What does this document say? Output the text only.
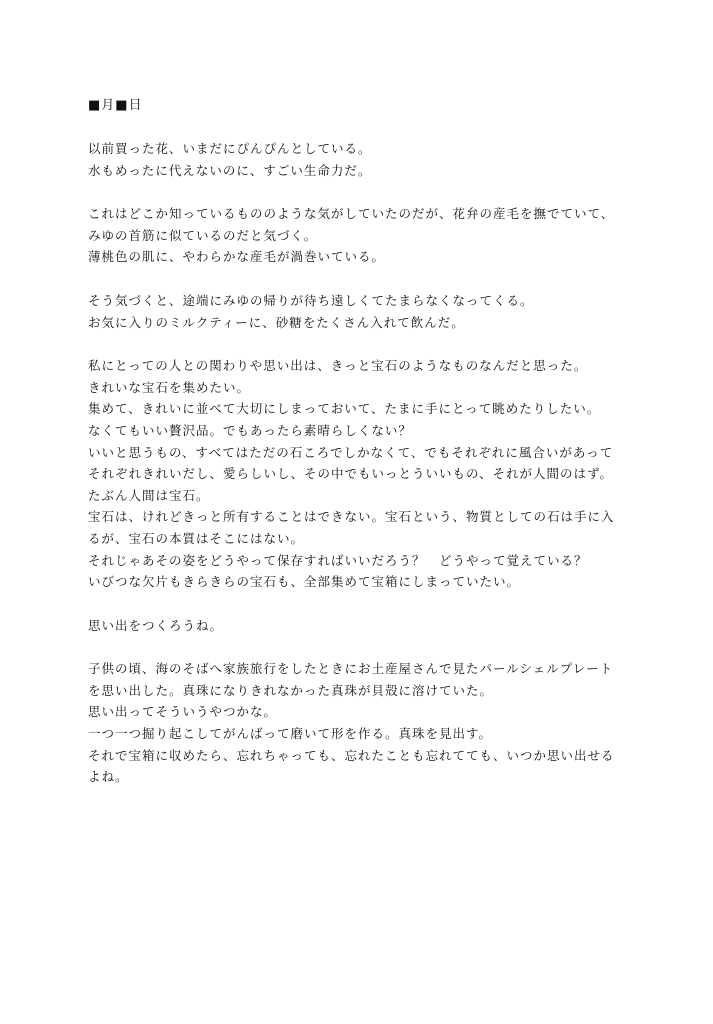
■月■日
以前買った花、いまだにぴんぴんとしている。
水もめったに代えないのに、すごい生命力だ。
これはどこか知っているもののような気がしていたのだが、花弁の産毛を撫でていて、
みゆの首筋に似ているのだと気づく。
薄桃色の肌に、やわらかな産毛が渦巻いている。
そう気づくと、途端にみゆの帰りが待ち遠しくてたまらなくなってくる。
お気に入りのミルクティーに、砂糖をたくさん入れて飲んだ。
私にとっての人との関わりや思い出は、きっと宝石のようなものなんだと思った。
きれいな宝石を集めたい。
集めて、きれいに並べて大切にしまっておいて、たまに手にとって眺めたりしたい。
なくてもいい贅沢品。でもあったら素晴らしくない？
いいと思うもの、すべてはただの石ころでしかなくて、でもそれぞれに風合いがあって
それぞれきれいだし、愛らしいし、その中でもいっとういいもの、それが人間のはず。
たぶん人間は宝石。
宝石は、けれどきっと所有することはできない。宝石という、物質としての石は手に入
るが、宝石の本質はそこにはない。
それじゃあその姿をどうやって保存すればいいだろう？　どうやって覚えている？
いびつな欠片もきらきらの宝石も、全部集めて宝箱にしまっていたい。
思い出をつくろうね。
子供の頃、海のそばへ家族旅行をしたときにお土産屋さんで見たパールシェルプレート
を思い出した。真珠になりきれなかった真珠が貝殻に溶けていた。
思い出ってそういうやつかな。
一つ一つ掘り起こしてがんばって磨いて形を作る。真珠を見出す。
それで宝箱に収めたら、忘れちゃっても、忘れたことも忘れてても、いつか思い出せる
よね。
